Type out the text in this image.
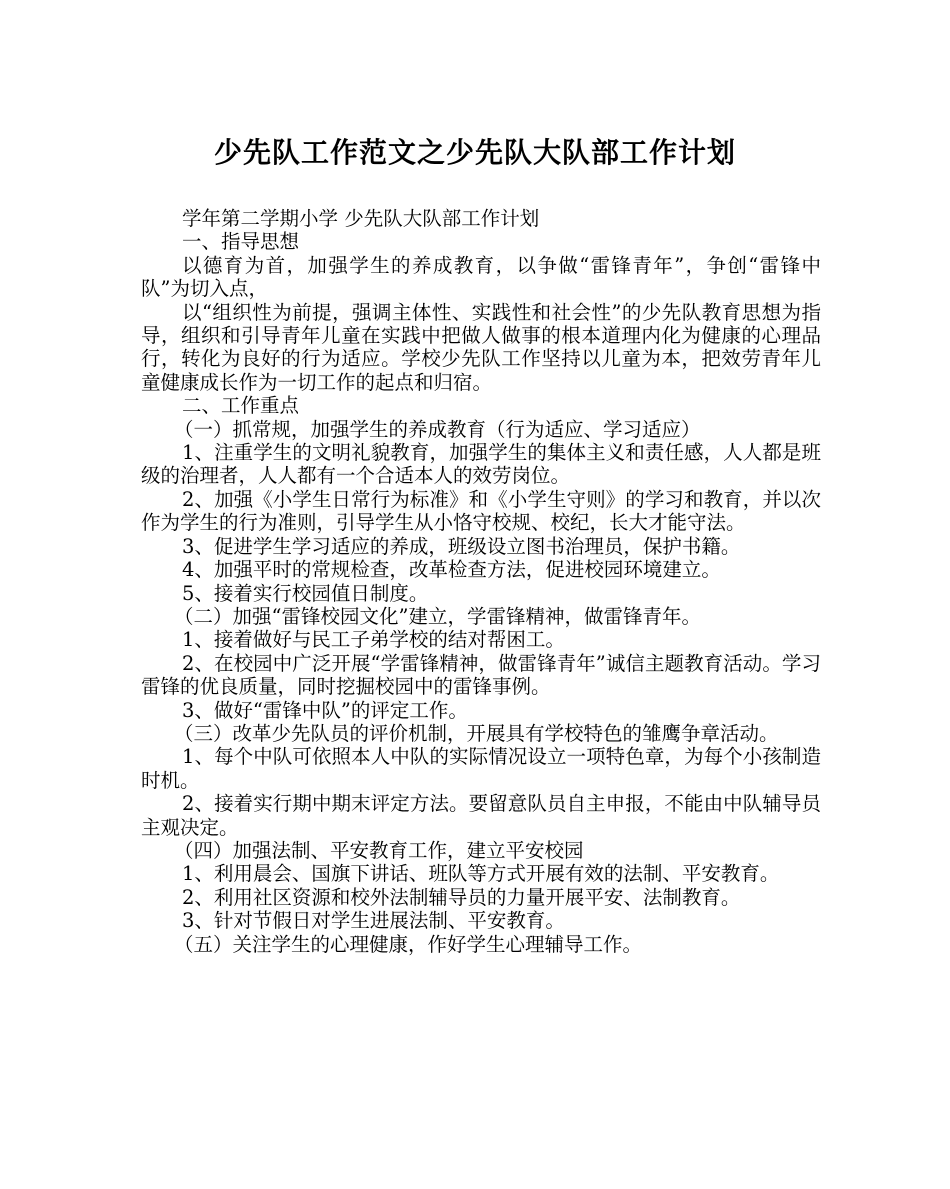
少先队工作范文之少先队大队部工作计划

学年第二学期小学 少先队大队部工作计划

一、指导思想

以德育为首，加强学生的养成教育，以争做“雷锋青年”，争创“雷锋中队”为切入点，

以“组织性为前提，强调主体性、实践性和社会性”的少先队教育思想为指导，组织和引导青年儿童在实践中把做人做事的根本道理内化为健康的心理品行，转化为良好的行为适应。学校少先队工作坚持以儿童为本，把效劳青年儿童健康成长作为一切工作的起点和归宿。

二、工作重点

（一）抓常规，加强学生的养成教育（行为适应、学习适应）

1、注重学生的文明礼貌教育，加强学生的集体主义和责任感，人人都是班级的治理者，人人都有一个合适本人的效劳岗位。

2、加强《小学生日常行为标准》和《小学生守则》的学习和教育，并以次作为学生的行为准则，引导学生从小恪守校规、校纪，长大才能守法。

3、促进学生学习适应的养成，班级设立图书治理员，保护书籍。

4、加强平时的常规检查，改革检查方法，促进校园环境建立。

5、接着实行校园值日制度。

（二）加强“雷锋校园文化”建立，学雷锋精神，做雷锋青年。

1、接着做好与民工子弟学校的结对帮困工。

2、在校园中广泛开展“学雷锋精神，做雷锋青年”诚信主题教育活动。学习雷锋的优良质量，同时挖掘校园中的雷锋事例。

3、做好“雷锋中队”的评定工作。

（三）改革少先队员的评价机制，开展具有学校特色的雏鹰争章活动。

1、每个中队可依照本人中队的实际情况设立一项特色章，为每个小孩制造时机。

2、接着实行期中期末评定方法。要留意队员自主申报，不能由中队辅导员主观决定。

（四）加强法制、平安教育工作，建立平安校园

1、利用晨会、国旗下讲话、班队等方式开展有效的法制、平安教育。

2、利用社区资源和校外法制辅导员的力量开展平安、法制教育。

3、针对节假日对学生进展法制、平安教育。

（五）关注学生的心理健康，作好学生心理辅导工作。
